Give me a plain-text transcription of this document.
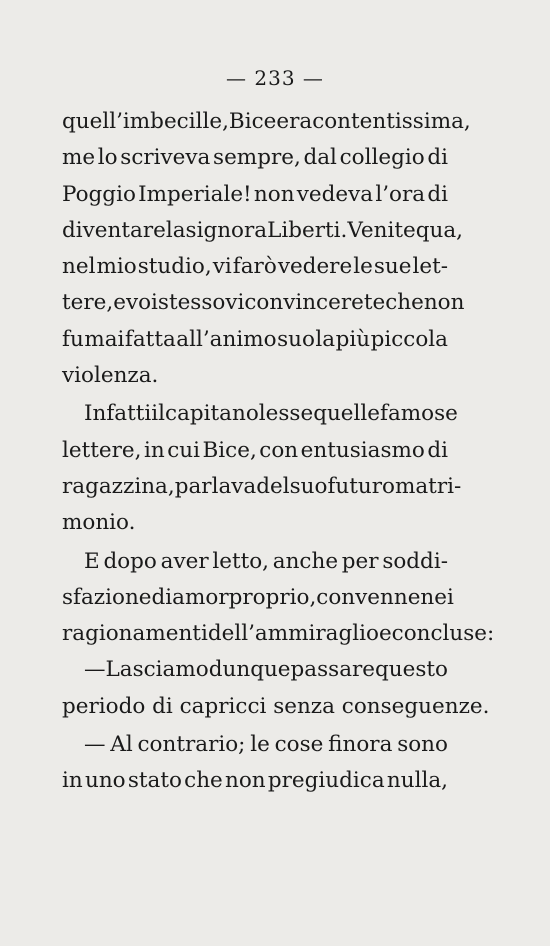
— 233 —
quell’imbecille, Bice era contentissima,
me lo scriveva sempre, dal collegio di
Poggio Imperiale! non vedeva l’ora di
diventare la signora Liberti. Venite qua,
nel mio studio, vi farò vedere le sue let-
tere, e voi stesso vi convincerete che non
fu mai fatta all’animo suo la più piccola
violenza.
Infatti il capitano lesse quelle famose
lettere, in cui Bice, con entusiasmo di
ragazzina, parlava del suo futuro matri-
monio.
E dopo aver letto, anche per soddi-
sfazione di amor proprio, convenne nei
ragionamenti dell’ammiraglio e concluse:
— Lasciamo dunque passare questo
periodo di capricci senza conseguenze.
— Al contrario; le cose finora sono
in uno stato che non pregiudica nulla,
